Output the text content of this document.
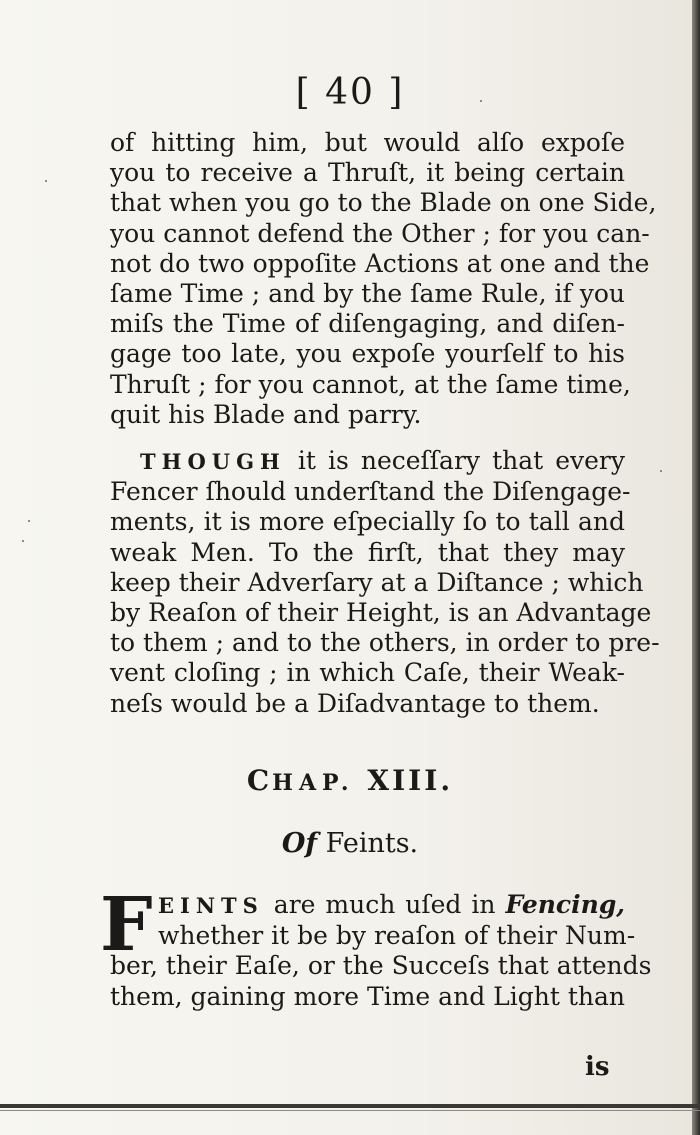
[ 40 ]
of hitting him, but would alſo expoſe
you to receive a Thruſt, it being certain
that when you go to the Blade on one Side,
you cannot defend the Other ; for you can-
not do two oppoſite Actions at one and the
ſame Time ; and by the ſame Rule, if you
miſs the Time of diſengaging, and diſen-
gage too late, you expoſe yourſelf to his
Thruſt ; for you cannot, at the ſame time,
quit his Blade and parry.
THOUGH it is neceſſary that every
Fencer ſhould underſtand the Diſengage-
ments, it is more eſpecially ſo to tall and
weak Men. To the firſt, that they may
keep their Adverſary at a Diſtance ; which
by Reaſon of their Height, is an Advantage
to them ; and to the others, in order to pre-
vent cloſing ; in which Caſe, their Weak-
neſs would be a Diſadvantage to them.
CHAP. XIII.
Of Feints.
F EINTS are much uſed in Fencing,
whether it be by reaſon of their Num-
ber, their Eaſe, or the Succeſs that attends
them, gaining more Time and Light than
is
